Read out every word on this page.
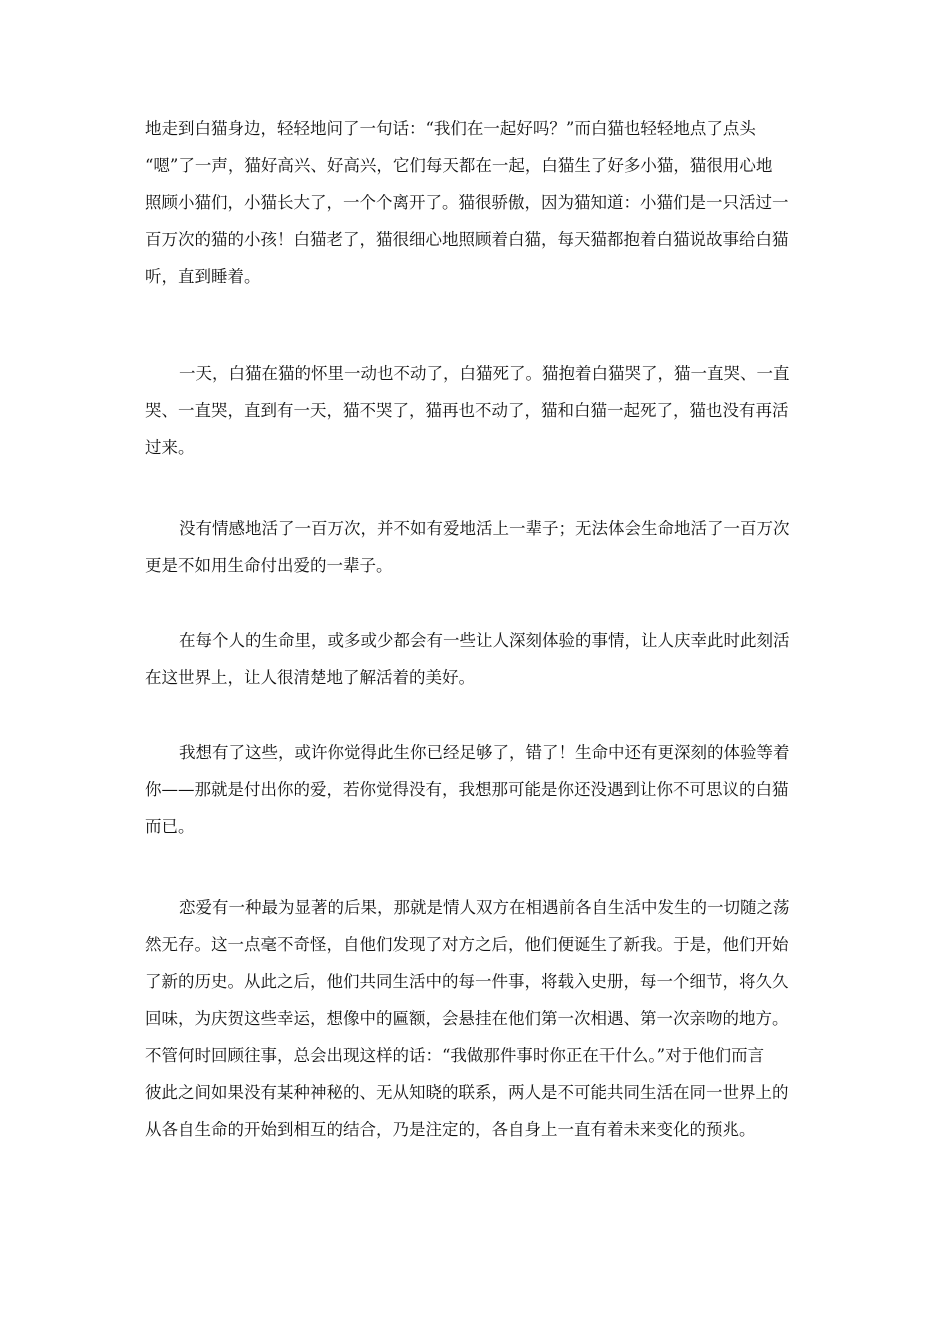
地走到白猫身边，轻轻地问了一句话：“我们在一起好吗？”而白猫也轻轻地点了点头
“嗯”了一声，猫好高兴、好高兴，它们每天都在一起，白猫生了好多小猫，猫很用心地
照顾小猫们，小猫长大了，一个个离开了。猫很骄傲，因为猫知道：小猫们是一只活过一
百万次的猫的小孩！白猫老了，猫很细心地照顾着白猫，每天猫都抱着白猫说故事给白猫
听，直到睡着。
一天，白猫在猫的怀里一动也不动了，白猫死了。猫抱着白猫哭了，猫一直哭、一直
哭、一直哭，直到有一天，猫不哭了，猫再也不动了，猫和白猫一起死了，猫也没有再活
过来。
没有情感地活了一百万次，并不如有爱地活上一辈子；无法体会生命地活了一百万次
更是不如用生命付出爱的一辈子。
在每个人的生命里，或多或少都会有一些让人深刻体验的事情，让人庆幸此时此刻活
在这世界上，让人很清楚地了解活着的美好。
我想有了这些，或许你觉得此生你已经足够了，错了！生命中还有更深刻的体验等着
你——那就是付出你的爱，若你觉得没有，我想那可能是你还没遇到让你不可思议的白猫
而已。
恋爱有一种最为显著的后果，那就是情人双方在相遇前各自生活中发生的一切随之荡
然无存。这一点毫不奇怪，自他们发现了对方之后，他们便诞生了新我。于是，他们开始
了新的历史。从此之后，他们共同生活中的每一件事，将载入史册，每一个细节，将久久
回味，为庆贺这些幸运，想像中的匾额，会悬挂在他们第一次相遇、第一次亲吻的地方。
不管何时回顾往事，总会出现这样的话：“我做那件事时你正在干什么。”对于他们而言
彼此之间如果没有某种神秘的、无从知晓的联系，两人是不可能共同生活在同一世界上的
从各自生命的开始到相互的结合，乃是注定的，各自身上一直有着未来变化的预兆。
